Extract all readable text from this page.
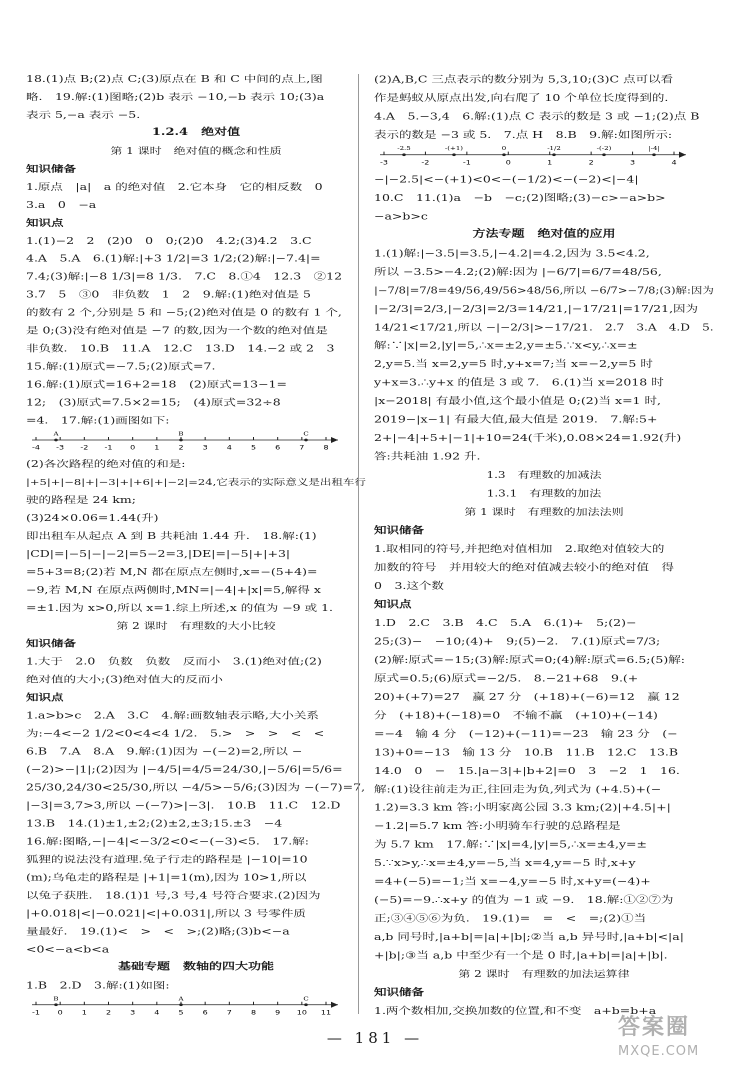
18.(1)点 B;(2)点 C;(3)原点在 B 和 C 中间的点上,图
略.　19.解:(1)图略;(2)b 表示 −10,−b 表示 10;(3)a
表示 5,−a 表示 −5.
1.2.4　绝对值
第 1 课时　绝对值的概念和性质
知识储备
1.原点　|a|　a 的绝对值　2.它本身　它的相反数　0
3.a　0　−a
知识点
1.(1)−2　2　(2)0　0　0;(2)0　4.2;(3)4.2　3.C
4.A　5.A　6.(1)解:|+3 1/2|=3 1/2;(2)解:|−7.4|=
7.4;(3)解:|−8 1/3|=8 1/3.　7.C　8.①4　12.3　②12
3.7　5　③0　非负数　1　2　9.解:(1)绝对值是 5
的数有 2 个,分别是 5 和 −5;(2)绝对值是 0 的数有 1 个,
是 0;(3)没有绝对值是 −7 的数,因为一个数的绝对值是
非负数.　10.B　11.A　12.C　13.D　14.−2 或 2　3
15.解:(1)原式=−7.5;(2)原式=7.
16.解:(1)原式=16+2=18　(2)原式=13−1=
12;　(3)原式=7.5×2=15;　(4)原式=32÷8
=4.　17.解:(1)画图如下:
-4 -3 -2 -1 0 1 2 3 4 5 6 7 8
A	B	C
(2)各次路程的绝对值的和是:
|+5|+|−8|+|−3|+|+6|+|−2|=24,它表示的实际意义是出租车行
驶的路程是 24 km;
(3)24×0.06=1.44(升)
即出租车从起点 A 到 B 共耗油 1.44 升.　18.解:(1)
|CD|=|−5|−|−2|=5−2=3,|DE|=|−5|+|+3|
=5+3=8;(2)若 M,N 都在原点左侧时,x=−(5+4)=
−9,若 M,N 在原点两侧时,MN=|−4|+|x|=5,解得 x
=±1.因为 x>0,所以 x=1.综上所述,x 的值为 −9 或 1.
第 2 课时　有理数的大小比较
知识储备
1.大于　2.0　负数　负数　反而小　3.(1)绝对值;(2)
绝对值的大小;(3)绝对值大的反而小
知识点
1.a>b>c　2.A　3.C　4.解:画数轴表示略,大小关系
为:−4<−2 1/2<0<4<4 1/2.　5.>　>　>　<　<
6.B　7.A　8.A　9.解:(1)因为 −(−2)=2,所以 −
(−2)>−|1|;(2)因为 |−4/5|=4/5=24/30,|−5/6|=5/6=
25/30,24/30<25/30,所以 −4/5>−5/6;(3)因为 −(−7)=7,
|−3|=3,7>3,所以 −(−7)>|−3|.　10.B　11.C　12.D
13.B　14.(1)±1,±2;(2)±2,±3;15.±3　−4
16.解:图略,−|−4|<−3/2<0<−(−3)<5.　17.解:
狐狸的说法没有道理.兔子行走的路程是 |−10|=10
(m);乌龟走的路程是 |+1|=1(m),因为 10>1,所以
以兔子获胜.　18.(1)1 号,3 号,4 号符合要求.(2)因为
|+0.018|<|−0.021|<|+0.031|,所以 3 号零件质
量最好.　19.(1)<　>　<　>;(2)略;(3)b<−a
<0<−a<b<a
基础专题　数轴的四大功能
1.B　2.D　3.解:(1)如图:
-1 0 1 2 3 4 5 6 7 8 9 10 11
B	A	C
(2)A,B,C 三点表示的数分别为 5,3,10;(3)C 点可以看
作是蚂蚁从原点出发,向右爬了 10 个单位长度得到的.
4.A　5.−3,4　6.解:(1)点 C 表示的数是 3 或 −1;(2)点 B
表示的数是 −3 或 5.　7.点 H　8.B　9.解:如图所示:
-3	-2	-1	0	1	2	3	4
-2.5	-(+1)	0	-1/2	-(-2)	|-4|
−|−2.5|<−(+1)<0<−(−1/2)<−(−2)<|−4|
10.C　11.(1)a　−b　−c;(2)图略;(3)−c>−a>b>
−a>b>c
方法专题　绝对值的应用
1.(1)解:|−3.5|=3.5,|−4.2|=4.2,因为 3.5<4.2,
所以 −3.5>−4.2;(2)解:因为 |−6/7|=6/7=48/56,
|−7/8|=7/8=49/56,49/56>48/56,所以 −6/7>−7/8;(3)解:因为
|−2/3|=2/3,|−2/3|=2/3=14/21,|−17/21|=17/21,因为
14/21<17/21,所以 −|−2/3|>−17/21.　2.7　3.A　4.D　5.
解:∵|x|=2,|y|=5,∴x=±2,y=±5.∵x<y,∴x=±
2,y=5.当 x=2,y=5 时,y+x=7;当 x=−2,y=5 时
y+x=3.∴y+x 的值是 3 或 7.　6.(1)当 x=2018 时
|x−2018| 有最小值,这个最小值是 0;(2)当 x=1 时,
2019−|x−1| 有最大值,最大值是 2019.　7.解:5+
2+|−4|+5+|−1|+10=24(千米),0.08×24=1.92(升)
答:共耗油 1.92 升.
1.3　有理数的加减法
1.3.1　有理数的加法
第 1 课时　有理数的加法法则
知识储备
1.取相同的符号,并把绝对值相加　2.取绝对值较大的
加数的符号　并用较大的绝对值减去较小的绝对值　得
0　3.这个数
知识点
1.D　2.C　3.B　4.C　5.A　6.(1)+　5;(2)−
25;(3)−　−10;(4)+　9;(5)−2.　7.(1)原式=7/3;
(2)解:原式=−15;(3)解:原式=0;(4)解:原式=6.5;(5)解:
原式=0.5;(6)原式=−2/5.　8.−21+68　9.(+
20)+(+7)=27　赢 27 分　(+18)+(−6)=12　赢 12
分　(+18)+(−18)=0　不输不赢　(+10)+(−14)
=−4　输 4 分　(−12)+(−11)=−23　输 23 分　(−
13)+0=−13　输 13 分　10.B　11.B　12.C　13.B
14.0　0　−　15.|a−3|+|b+2|=0　3　−2　1　16.
解:(1)设往前走为正,往回走为负,列式为 (+4.5)+(−
1.2)=3.3 km 答:小明家离公园 3.3 km;(2)|+4.5|+|
−1.2|=5.7 km 答:小明骑车行驶的总路程是
为 5.7 km　17.解:∵|x|=4,|y|=5,∴x=±4,y=±
5.∵x>y,∴x=±4,y=−5,当 x=4,y=−5 时,x+y
=4+(−5)=−1;当 x=−4,y=−5 时,x+y=(−4)+
(−5)=−9.∴x+y 的值为 −1 或 −9.　18.解:①②⑦为
正;③④⑤⑥为负.　19.(1)=　=　<　=;(2)①当
a,b 同号时,|a+b|=|a|+|b|;②当 a,b 异号时,|a+b|<|a|
+|b|;③当 a,b 中至少有一个是 0 时,|a+b|=|a|+|b|.
第 2 课时　有理数的加法运算律
知识储备
1.两个数相加,交换加数的位置,和不变　a+b=b+a
— 181 —	答案圈
MXQE.COM
